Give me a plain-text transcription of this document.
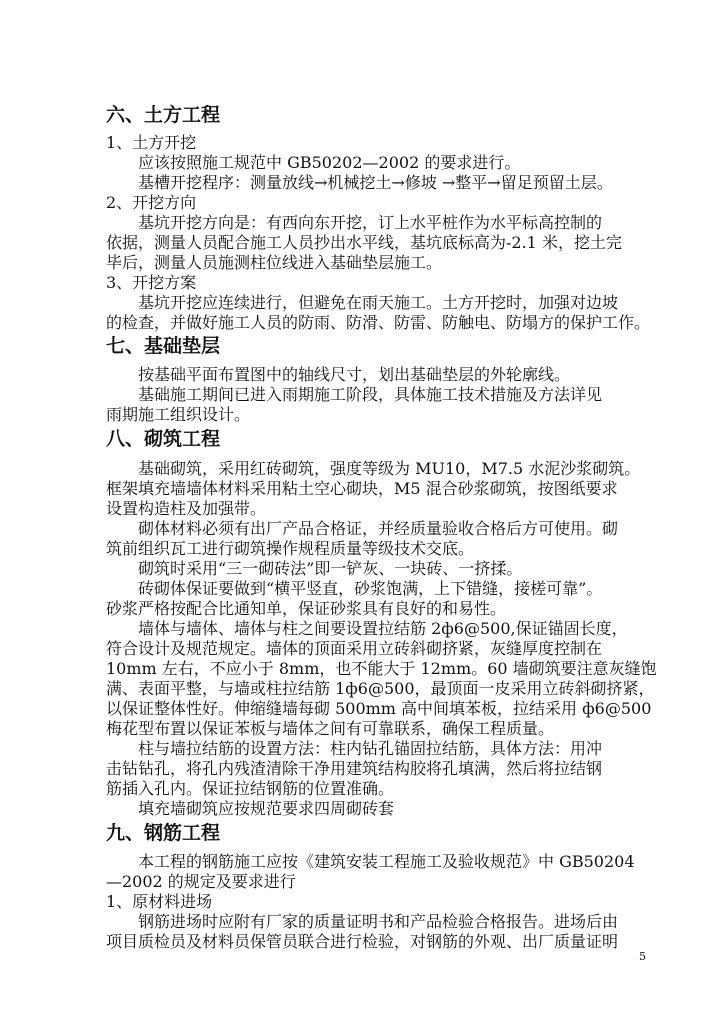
六、土方工程
1、土方开挖
应该按照施工规范中 GB50202—2002 的要求进行。
基槽开挖程序：测量放线→机械挖土→修坡 →整平→留足预留土层。
2、开挖方向
基坑开挖方向是：有西向东开挖，订上水平桩作为水平标高控制的
依据，测量人员配合施工人员抄出水平线，基坑底标高为-2.1 米，挖土完
毕后，测量人员施测柱位线进入基础垫层施工。
3、开挖方案
基坑开挖应连续进行，但避免在雨天施工。土方开挖时，加强对边坡
的检查，并做好施工人员的防雨、防滑、防雷、防触电、防塌方的保护工作。
七、基础垫层
按基础平面布置图中的轴线尺寸，划出基础垫层的外轮廓线。
基础施工期间已进入雨期施工阶段，具体施工技术措施及方法详见
雨期施工组织设计。
八、砌筑工程
基础砌筑，采用红砖砌筑，强度等级为 MU10，M7.5 水泥沙浆砌筑。
框架填充墙墙体材料采用粘土空心砌块，M5 混合砂浆砌筑，按图纸要求
设置构造柱及加强带。
砌体材料必须有出厂产品合格证，并经质量验收合格后方可使用。砌
筑前组织瓦工进行砌筑操作规程质量等级技术交底。
砌筑时采用“三一砌砖法”即一铲灰、一块砖、一挤揉。
砖砌体保证要做到“横平竖直，砂浆饱满，上下错缝，接槎可靠”。
砂浆严格按配合比通知单，保证砂浆具有良好的和易性。
墙体与墙体、墙体与柱之间要设置拉结筋 2ф6@500,保证锚固长度，
符合设计及规范规定。墙体的顶面采用立砖斜砌挤紧，灰缝厚度控制在
10mm 左右，不应小于 8mm，也不能大于 12mm。60 墙砌筑要注意灰缝饱
满、表面平整，与墙或柱拉结筋 1ф6@500，最顶面一皮采用立砖斜砌挤紧，
以保证整体性好。伸缩缝墙每砌 500mm 高中间填苯板，拉结采用 ф6@500
梅花型布置以保证苯板与墙体之间有可靠联系，确保工程质量。
柱与墙拉结筋的设置方法：柱内钻孔锚固拉结筋，具体方法：用冲
击钻钻孔，将孔内残渣清除干净用建筑结构胶将孔填满，然后将拉结钢
筋插入孔内。保证拉结钢筋的位置准确。
填充墙砌筑应按规范要求四周砌砖套
九、钢筋工程
本工程的钢筋施工应按《建筑安装工程施工及验收规范》中 GB50204
—2002 的规定及要求进行
1、原材料进场
钢筋进场时应附有厂家的质量证明书和产品检验合格报告。进场后由
项目质检员及材料员保管员联合进行检验，对钢筋的外观、出厂质量证明
5
